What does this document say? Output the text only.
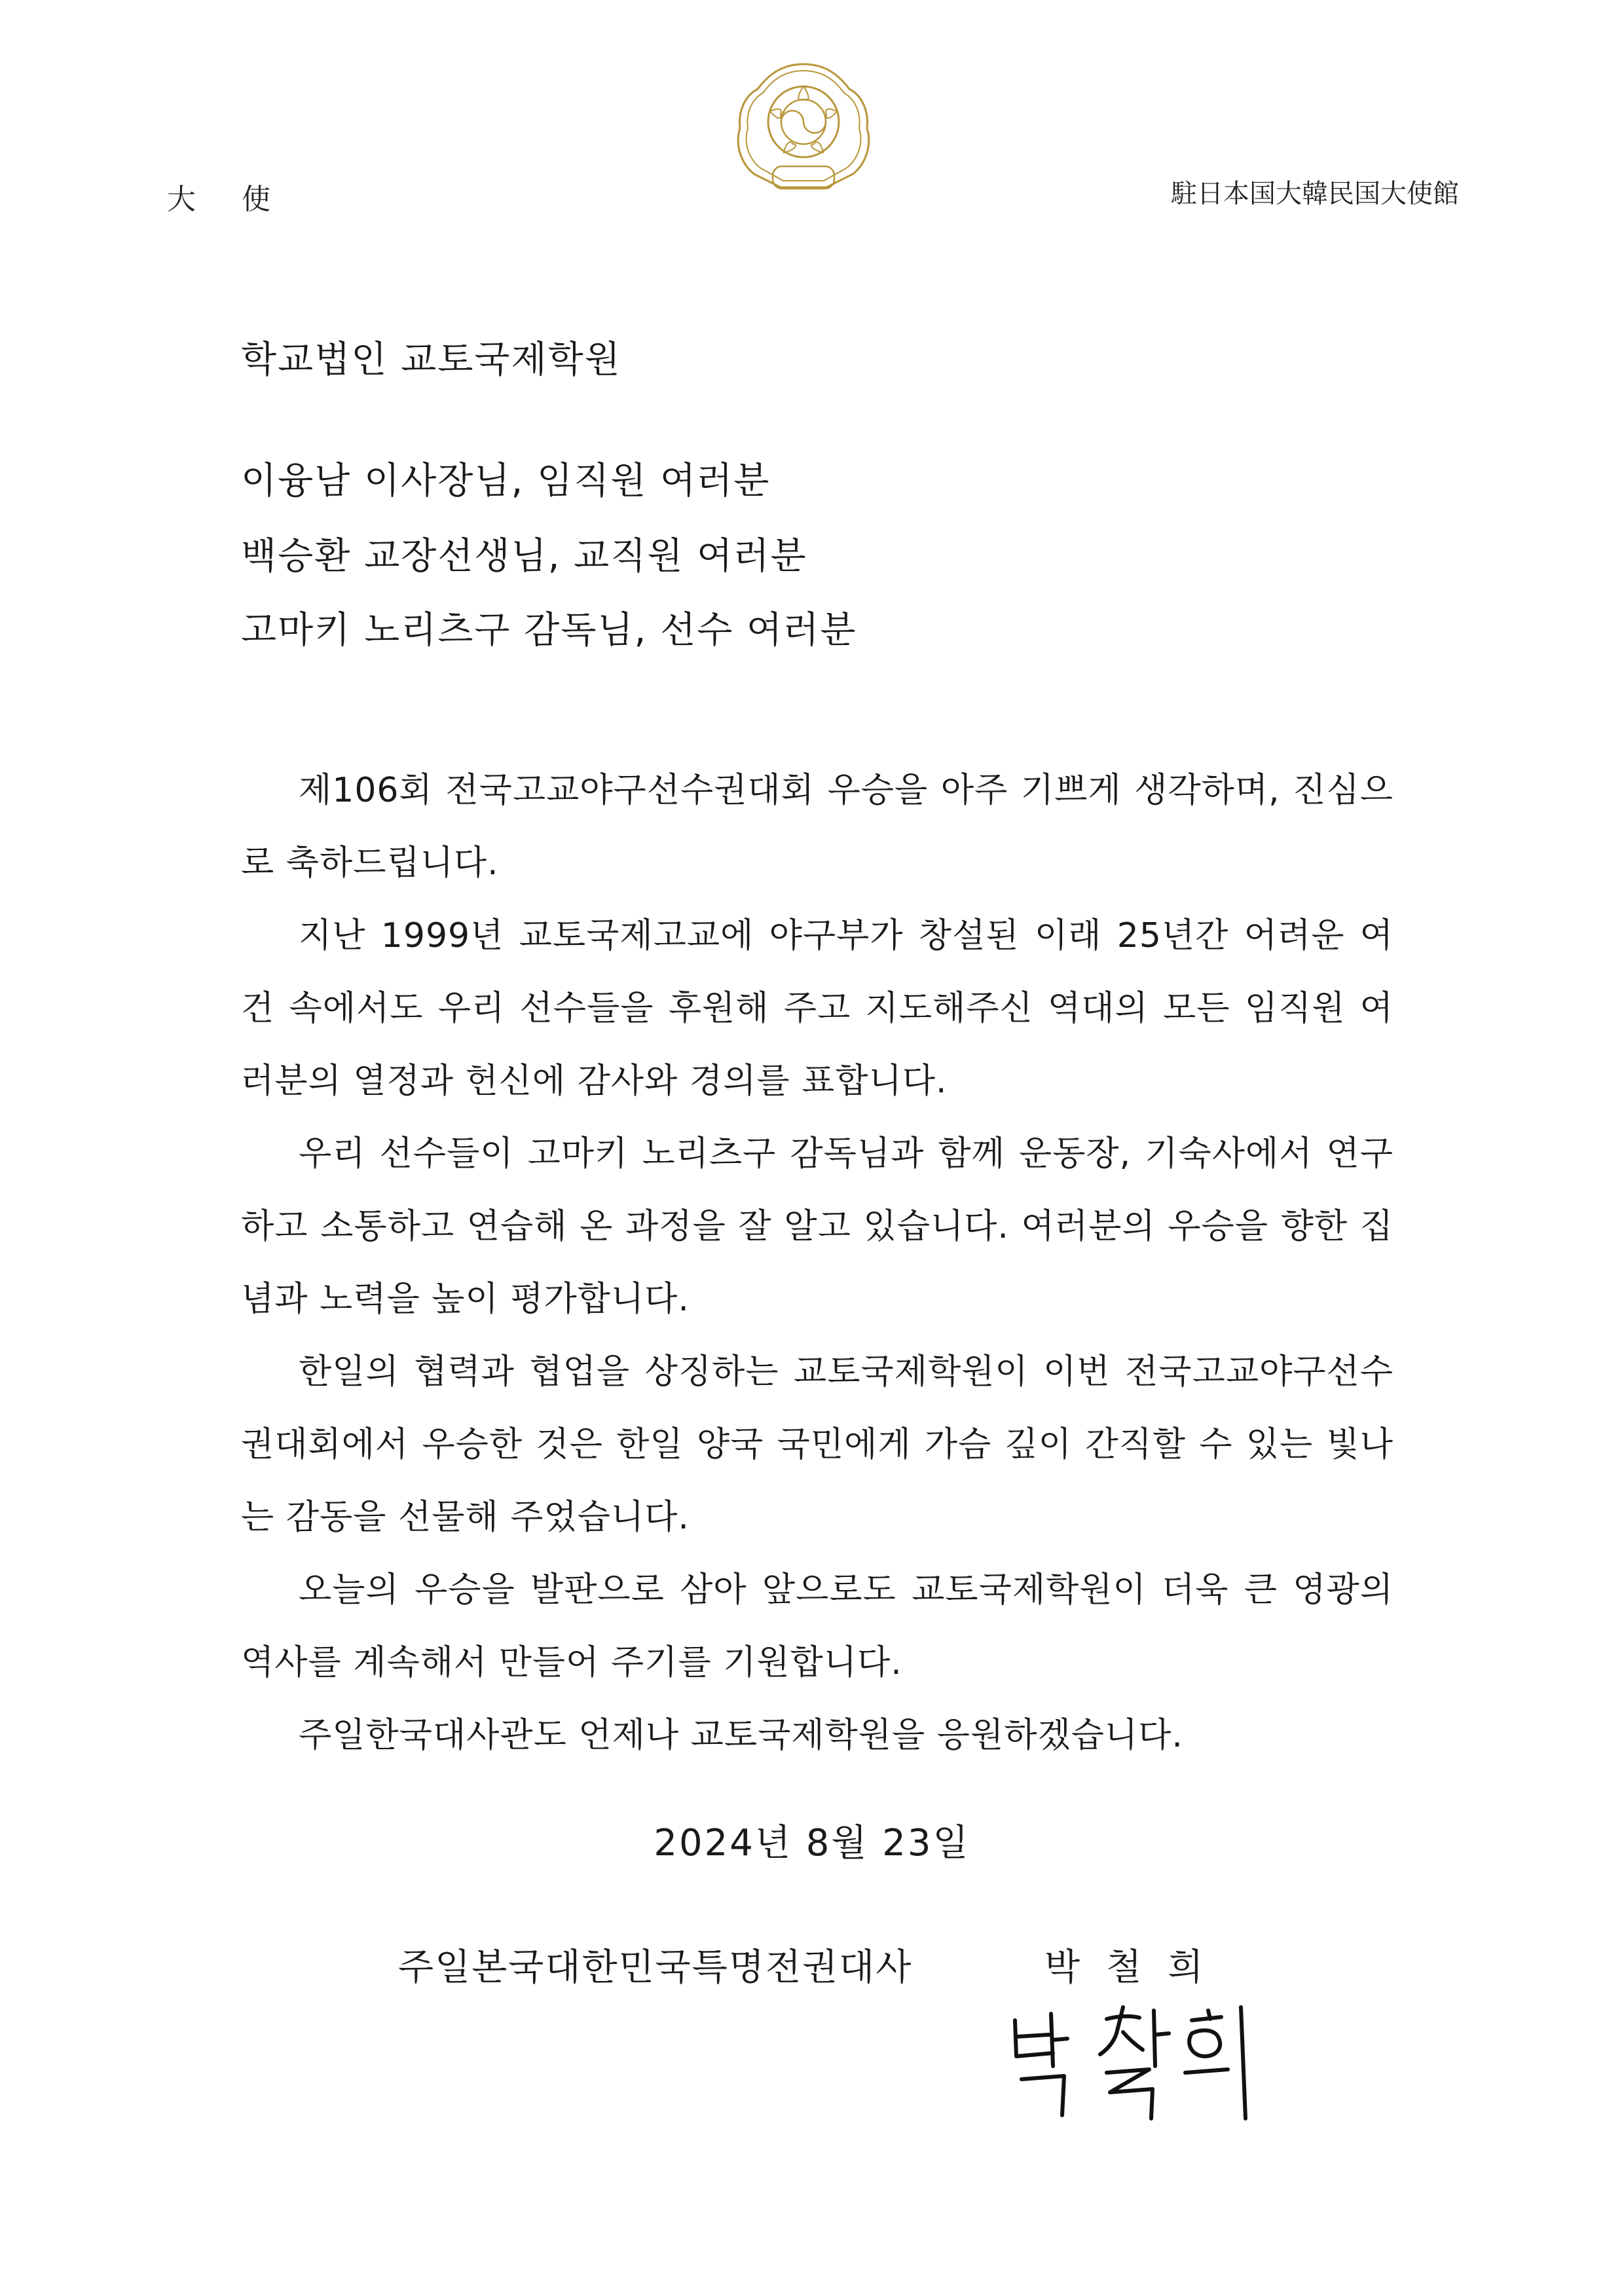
大使	駐日本国大韓民国大使館
학교법인 교토국제학원
이융남 이사장님, 임직원 여러분
백승환 교장선생님, 교직원 여러분
고마키 노리츠구 감독님, 선수 여러분

제106회 전국고교야구선수권대회 우승을 아주 기쁘게 생각하며, 진심으로 축하드립니다.

지난 1999년 교토국제고교에 야구부가 창설된 이래 25년간 어려운 여건 속에서도 우리 선수들을 후원해 주고 지도해주신 역대의 모든 임직원 여러분의 열정과 헌신에 감사와 경의를 표합니다.

우리 선수들이 고마키 노리츠구 감독님과 함께 운동장, 기숙사에서 연구하고 소통하고 연습해 온 과정을 잘 알고 있습니다. 여러분의 우승을 향한 집념과 노력을 높이 평가합니다.

한일의 협력과 협업을 상징하는 교토국제학원이 이번 전국고교야구선수권대회에서 우승한 것은 한일 양국 국민에게 가슴 깊이 간직할 수 있는 빛나는 감동을 선물해 주었습니다.

오늘의 우승을 발판으로 삼아 앞으로도 교토국제학원이 더욱 큰 영광의 역사를 계속해서 만들어 주기를 기원합니다.

주일한국대사관도 언제나 교토국제학원을 응원하겠습니다.

2024년 8월 23일
주일본국대한민국특명전권대사	박철희
